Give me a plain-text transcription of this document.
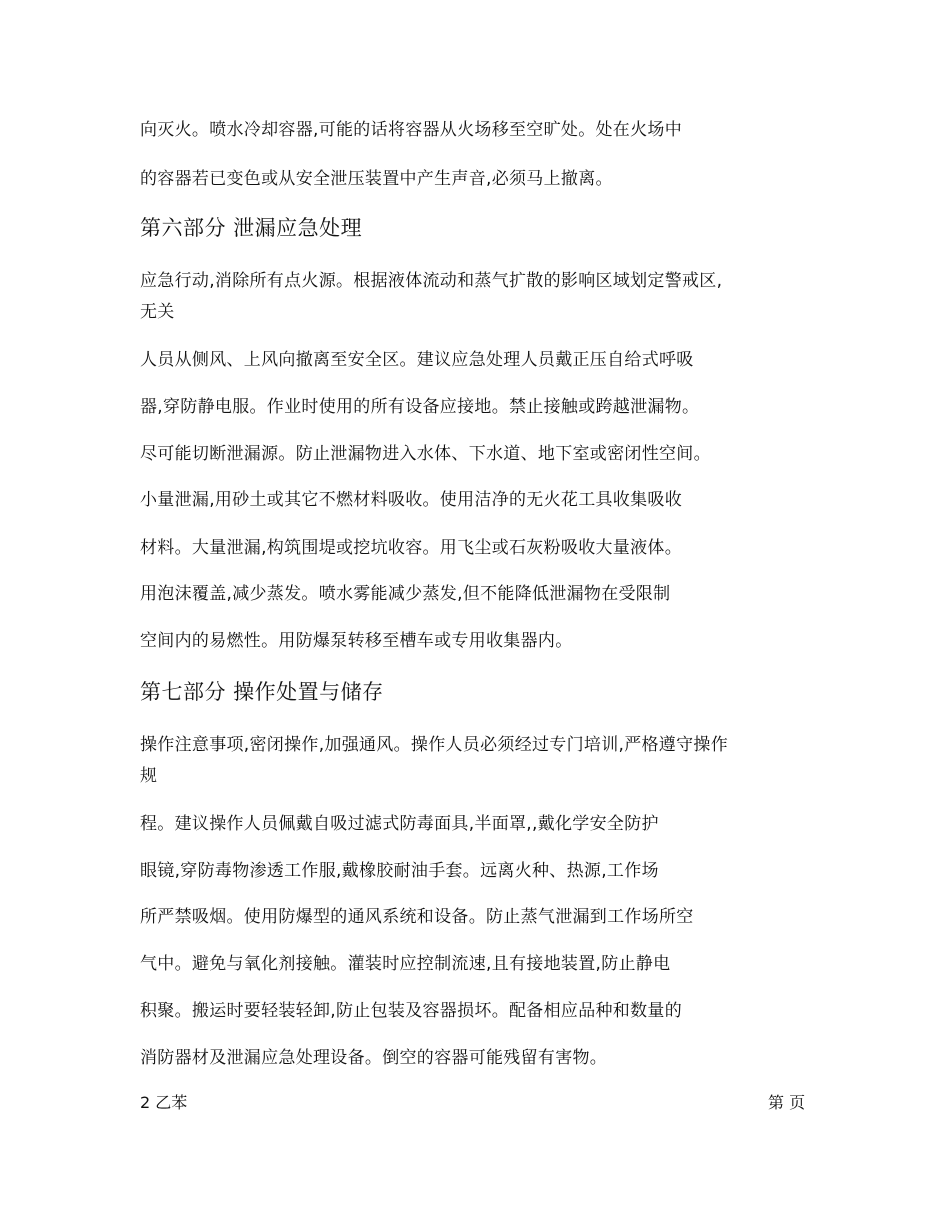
向灭火。喷水冷却容器,可能的话将容器从火场移至空旷处。处在火场中
的容器若已变色或从安全泄压装置中产生声音,必须马上撤离。
第六部分 泄漏应急处理
应急行动,消除所有点火源。根据液体流动和蒸气扩散的影响区域划定警戒区,
无关
人员从侧风、上风向撤离至安全区。建议应急处理人员戴正压自给式呼吸
器,穿防静电服。作业时使用的所有设备应接地。禁止接触或跨越泄漏物。
尽可能切断泄漏源。防止泄漏物进入水体、下水道、地下室或密闭性空间。
小量泄漏,用砂土或其它不燃材料吸收。使用洁净的无火花工具收集吸收
材料。大量泄漏,构筑围堤或挖坑收容。用飞尘或石灰粉吸收大量液体。
用泡沫覆盖,减少蒸发。喷水雾能减少蒸发,但不能降低泄漏物在受限制
空间内的易燃性。用防爆泵转移至槽车或专用收集器内。
第七部分 操作处置与储存
操作注意事项,密闭操作,加强通风。操作人员必须经过专门培训,严格遵守操作
规
程。建议操作人员佩戴自吸过滤式防毒面具,半面罩,,戴化学安全防护
眼镜,穿防毒物渗透工作服,戴橡胶耐油手套。远离火种、热源,工作场
所严禁吸烟。使用防爆型的通风系统和设备。防止蒸气泄漏到工作场所空
气中。避免与氧化剂接触。灌装时应控制流速,且有接地装置,防止静电
积聚。搬运时要轻装轻卸,防止包装及容器损坏。配备相应品种和数量的
消防器材及泄漏应急处理设备。倒空的容器可能残留有害物。
2 乙苯	第 页
